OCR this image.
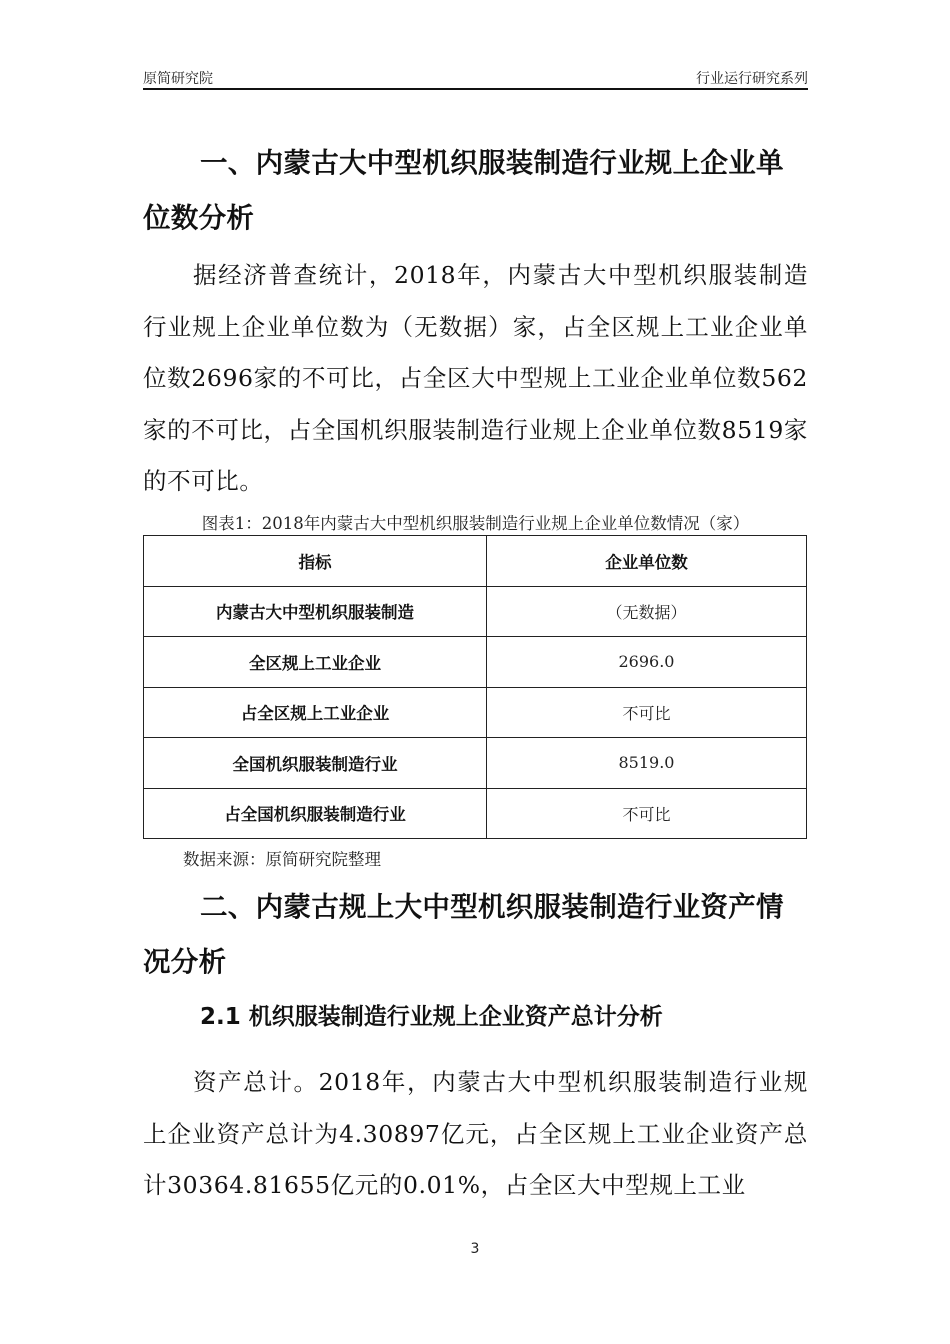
原简研究院	行业运行研究系列
一、内蒙古大中型机织服装制造行业规上企业单位数分析

据经济普查统计，2018年，内蒙古大中型机织服装制造行业规上企业单位数为（无数据）家，占全区规上工业企业单位数2696家的不可比，占全区大中型规上工业企业单位数562家的不可比，占全国机织服装制造行业规上企业单位数8519家的不可比。

图表1：2018年内蒙古大中型机织服装制造行业规上企业单位数情况（家）
指标	企业单位数
内蒙古大中型机织服装制造	（无数据）
全区规上工业企业	2696.0
占全区规上工业企业	不可比
全国机织服装制造行业	8519.0
占全国机织服装制造行业	不可比
数据来源：原简研究院整理
二、内蒙古规上大中型机织服装制造行业资产情况分析
2.1 机织服装制造行业规上企业资产总计分析

资产总计。2018年，内蒙古大中型机织服装制造行业规上企业资产总计为4.30897亿元，占全区规上工业企业资产总计30364.81655亿元的0.01%，占全区大中型规上工业

3
